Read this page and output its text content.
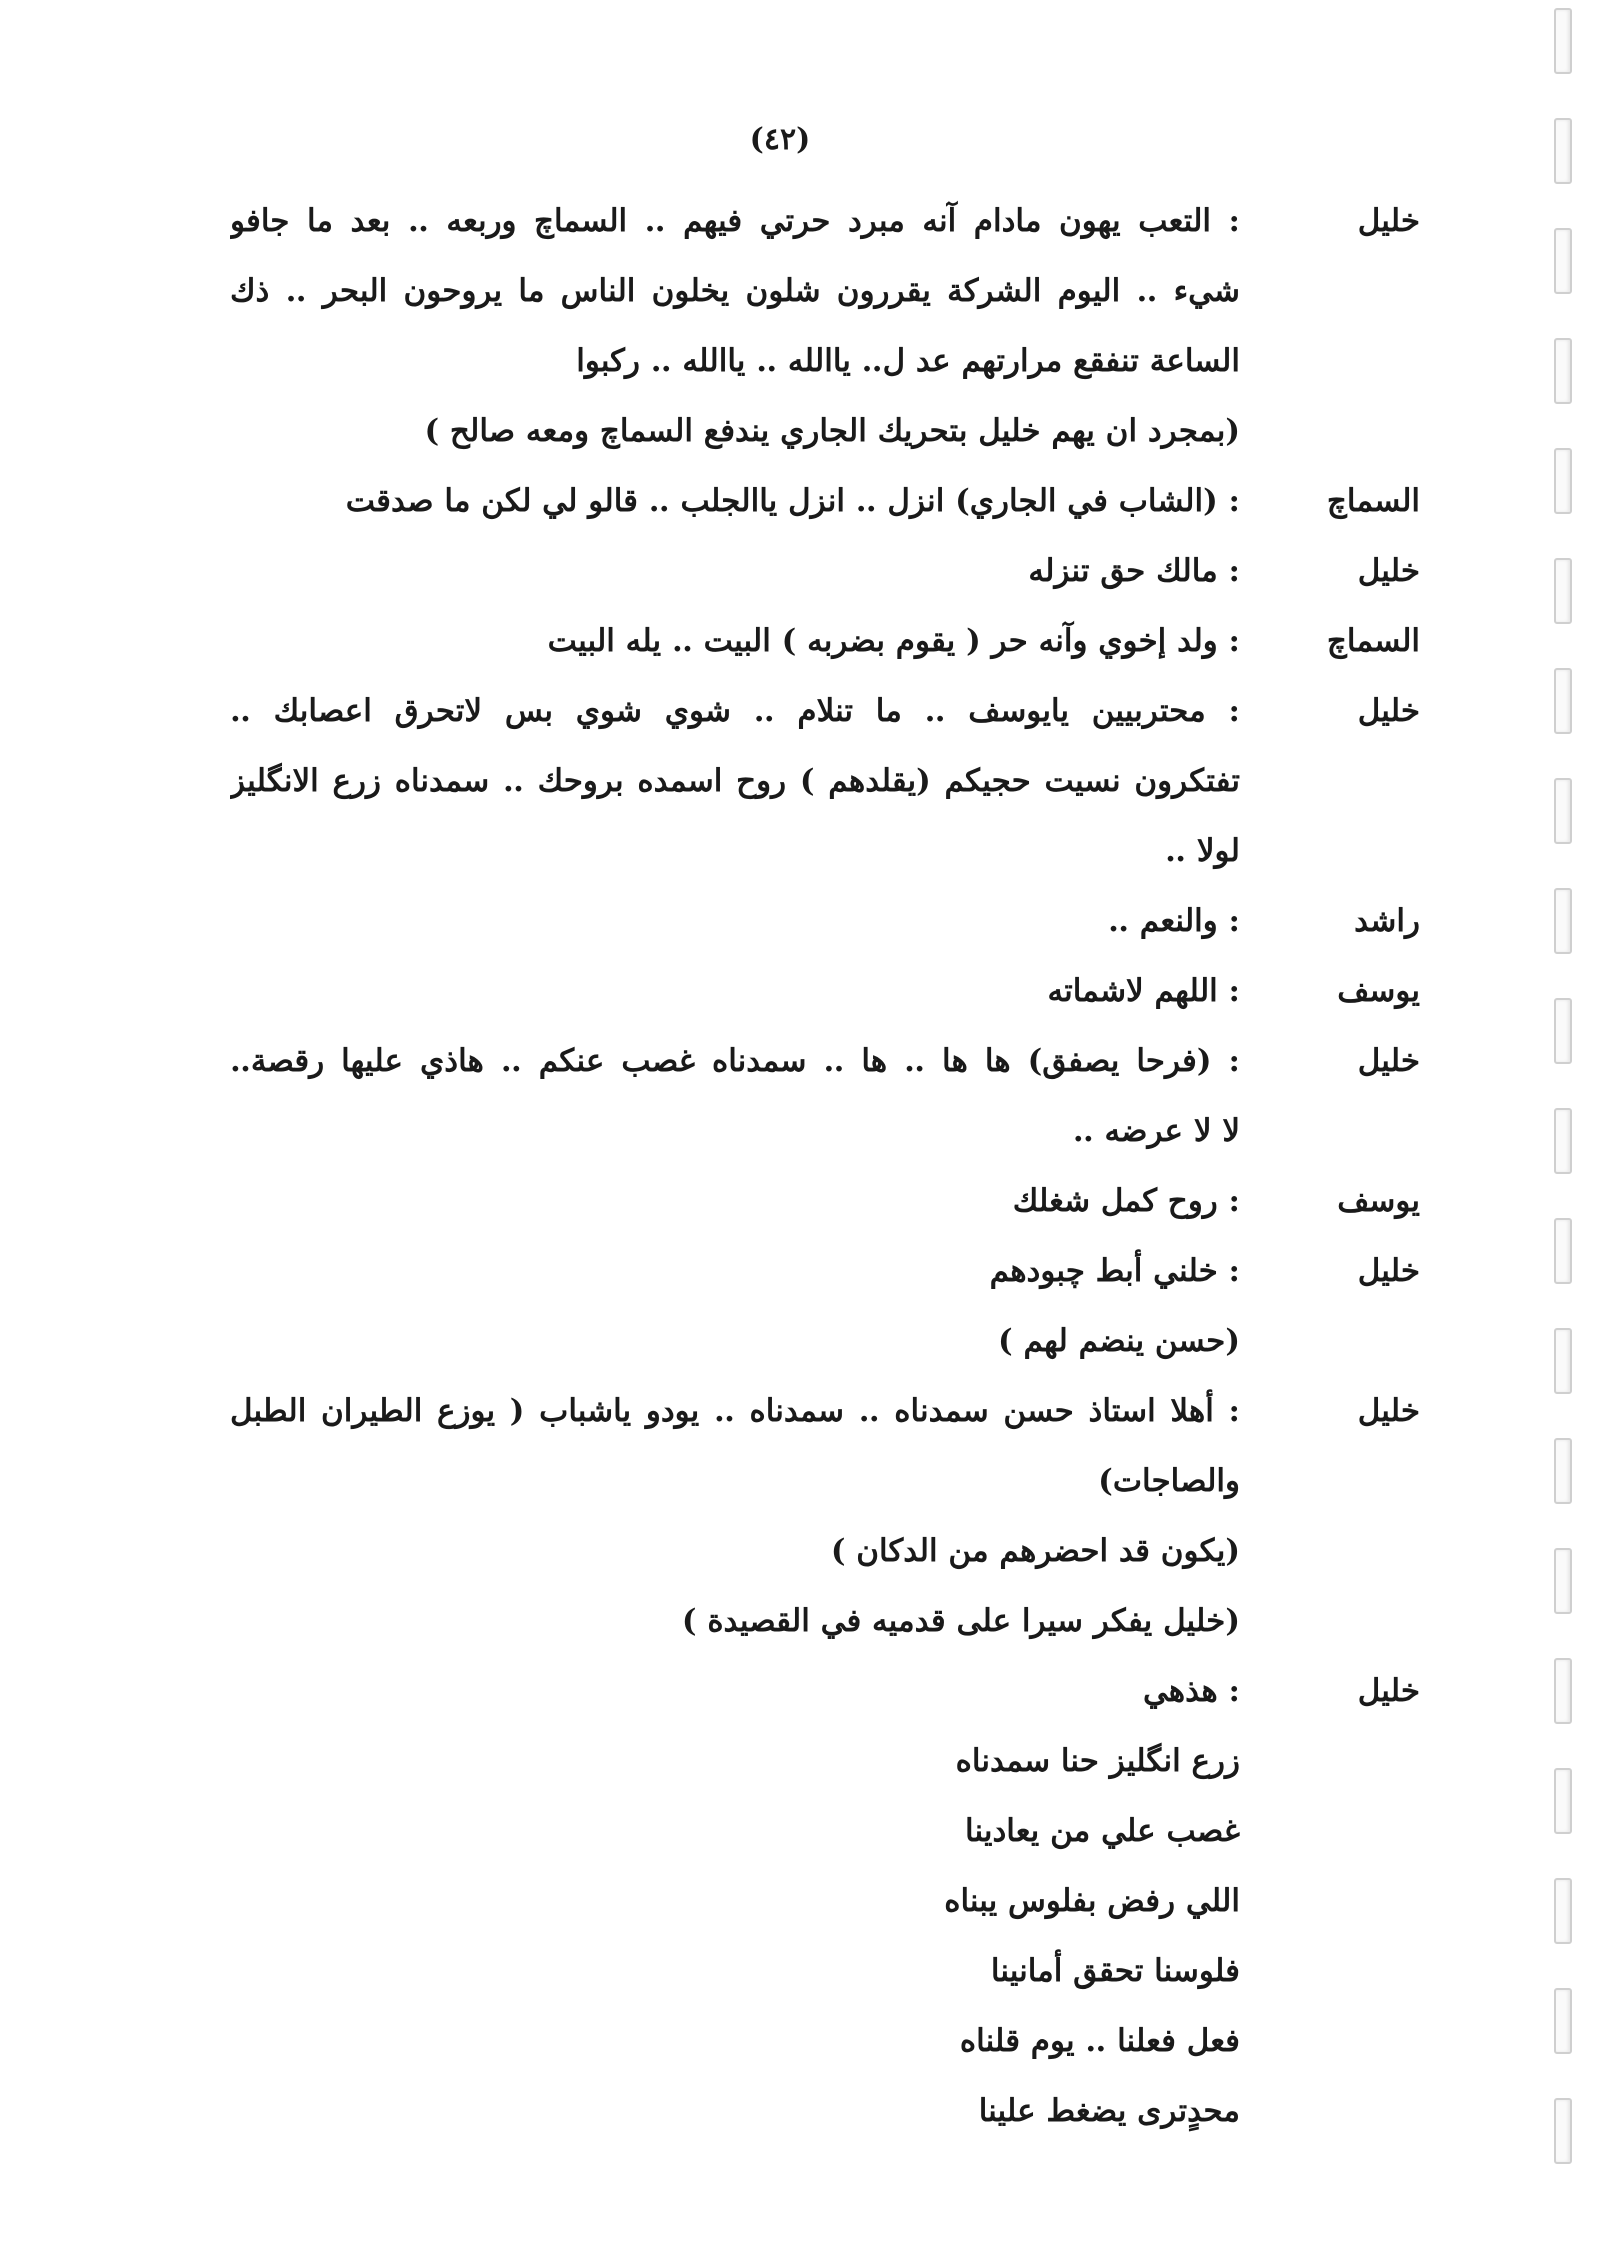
(٤٢)
خليل
: التعب يهون مادام آنه مبرد حرتي فيهم ‥ السماچ وربعه ‥ بعد ما جافو
شيء ‥ اليوم الشركة يقررون شلون يخلون الناس ما يروحون البحر ‥ ذك
الساعة تنفقع مرارتهم عد ل‥ ياالله ‥ ياالله ‥ ركبوا
(بمجرد ان يهم خليل بتحريك الجاري يندفع السماچ ومعه صالح )
السماچ
: (الشاب في الجاري) انزل ‥ انزل ياالجلب ‥ قالو لي لكن ما صدقت
خليل
: مالك حق تنزله
السماچ
: ولد إخوي وآنه حر ( يقوم بضربه ) البيت ‥ يله البيت
خليل
: محتربيين يايوسف ‥ ما تنلام ‥ شوي شوي بس لاتحرق اعصابك ‥
تفتكرون نسيت حجيكم (يقلدهم ) روح اسمده بروحك ‥ سمدناه زرع الانگليز
لولا ‥
راشد
: والنعم ‥
يوسف
: اللهم لاشماته
خليل
: (فرحا يصفق) ها ها ‥ ها ‥ سمدناه غصب عنكم ‥ هاذي عليها رقصة‥
لا لا عرضه ‥
يوسف
: روح كمل شغلك
خليل
: خلني أبط چبودهم
(حسن ينضم لهم )
خليل
: أهلا استاذ حسن سمدناه ‥ سمدناه ‥ يودو ياشباب ( يوزع الطيران الطبل
والصاجات)
(يكون قد احضرهم من الدكان )
(خليل يفكر سيرا على قدميه في القصيدة )
خليل
: هذهي
زرع انگليز حنا سمدناه
غصب علي من يعادينا
اللي رفض بفلوس يبناه
فلوسنا تحقق أمانينا
فعل فعلنا ‥ يوم قلناه
محدٍترى يضغط علينا
